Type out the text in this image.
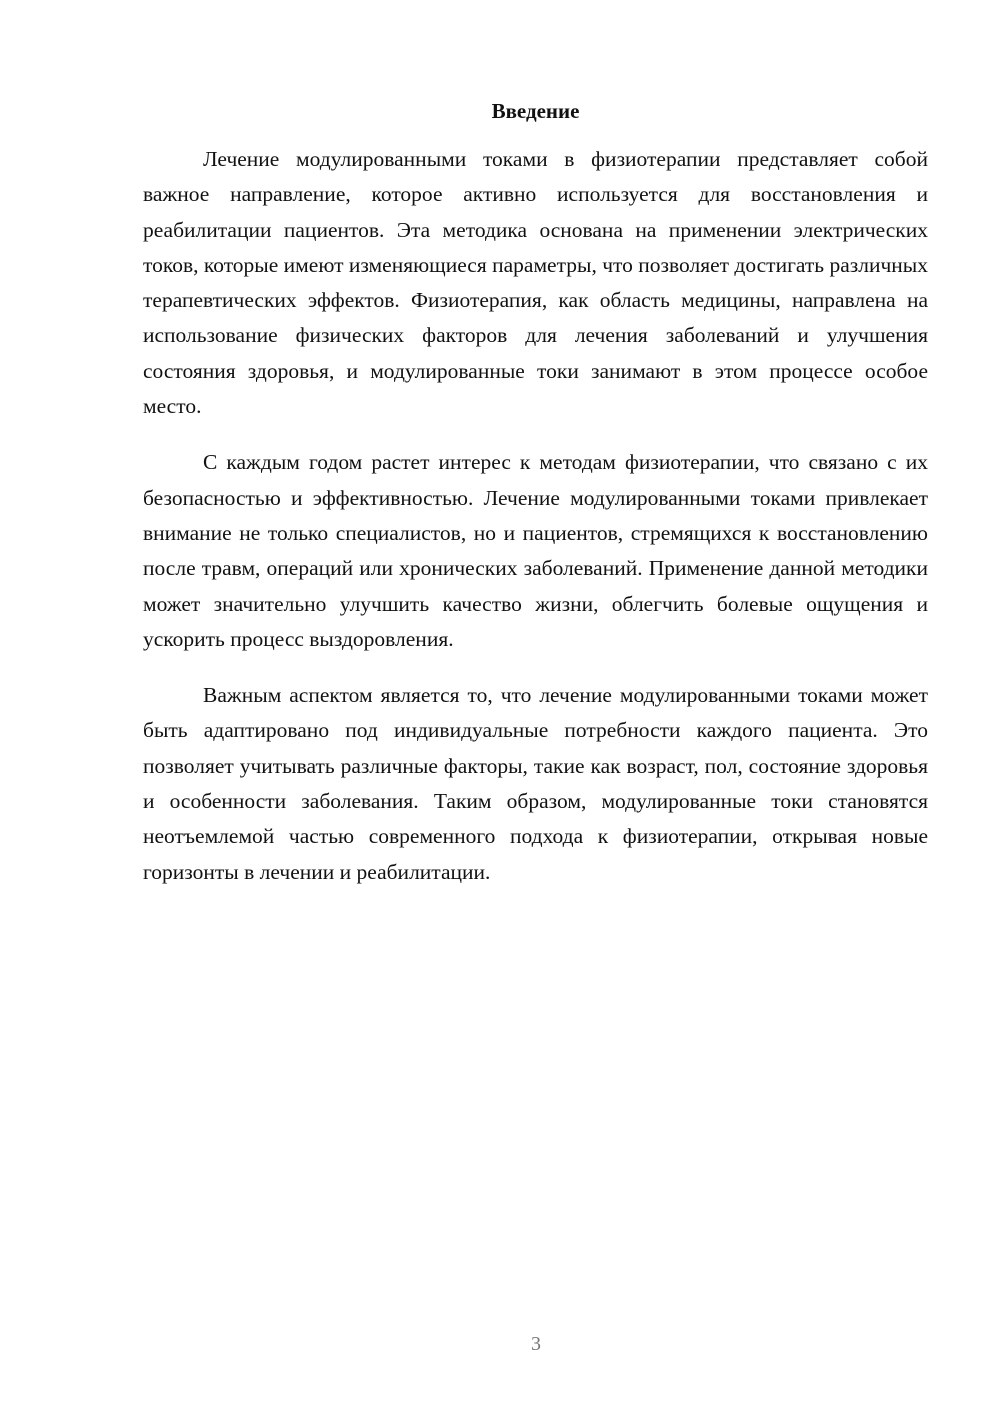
Введение

Лечение модулированными токами в физиотерапии представляет собой важное направление, которое активно используется для восстановления и реабилитации пациентов. Эта методика основана на применении электрических токов, которые имеют изменяющиеся параметры, что позволяет достигать различных терапевтических эффектов. Физиотерапия, как область медицины, направлена на использование физических факторов для лечения заболеваний и улучшения состояния здоровья, и модулированные токи занимают в этом процессе особое место.

С каждым годом растет интерес к методам физиотерапии, что связано с их безопасностью и эффективностью. Лечение модулированными токами привлекает внимание не только специалистов, но и пациентов, стремящихся к восстановлению после травм, операций или хронических заболеваний. Применение данной методики может значительно улучшить качество жизни, облегчить болевые ощущения и ускорить процесс выздоровления.

Важным аспектом является то, что лечение модулированными токами может быть адаптировано под индивидуальные потребности каждого пациента. Это позволяет учитывать различные факторы, такие как возраст, пол, состояние здоровья и особенности заболевания. Таким образом, модулированные токи становятся неотъемлемой частью современного подхода к физиотерапии, открывая новые горизонты в лечении и реабилитации.

3
